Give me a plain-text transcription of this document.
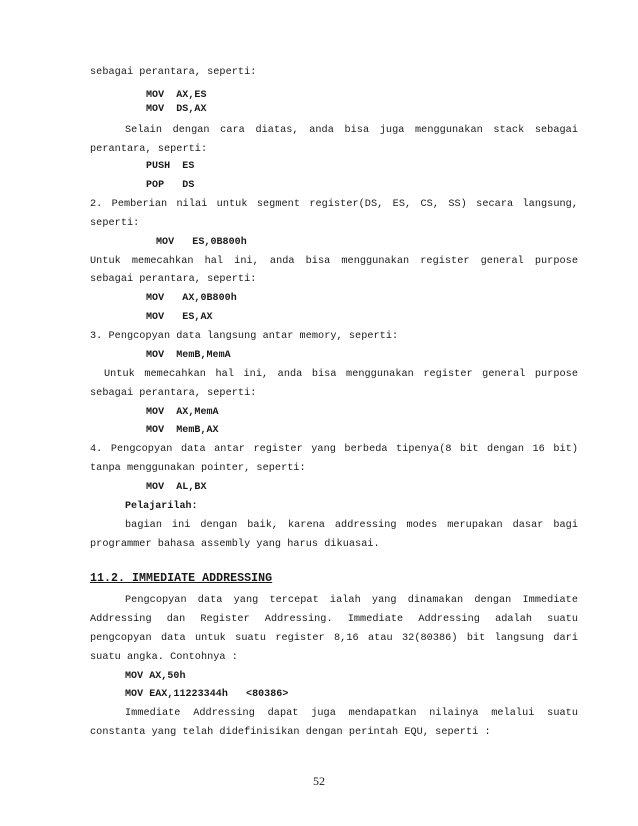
sebagai perantara, seperti:
MOV  AX,ES
MOV  DS,AX
Selain dengan cara diatas, anda bisa juga menggunakan stack sebagai
perantara, seperti:
PUSH  ES
POP   DS
2. Pemberian nilai untuk segment register(DS, ES, CS, SS) secara langsung,
seperti:
MOV   ES,0B800h
Untuk memecahkan hal ini, anda bisa menggunakan register general purpose
sebagai perantara, seperti:
MOV   AX,0B800h
MOV   ES,AX
3. Pengcopyan data langsung antar memory, seperti:
MOV  MemB,MemA
Untuk memecahkan hal ini, anda bisa menggunakan register general purpose
sebagai perantara, seperti:
MOV  AX,MemA
MOV  MemB,AX
4. Pengcopyan data antar register yang berbeda tipenya(8 bit dengan 16 bit)
tanpa menggunakan pointer, seperti:
MOV  AL,BX
Pelajarilah:
bagian ini dengan baik, karena addressing modes merupakan dasar bagi
programmer bahasa assembly yang harus dikuasai.
11.2. IMMEDIATE ADDRESSING
Pengcopyan data yang tercepat ialah yang dinamakan dengan Immediate
Addressing dan Register Addressing. Immediate Addressing adalah suatu
pengcopyan data untuk suatu register 8,16 atau 32(80386) bit langsung dari
suatu angka. Contohnya :
MOV AX,50h
MOV EAX,11223344h   <80386>
Immediate Addressing dapat juga mendapatkan nilainya melalui suatu
constanta yang telah didefinisikan dengan perintah EQU, seperti :
52
